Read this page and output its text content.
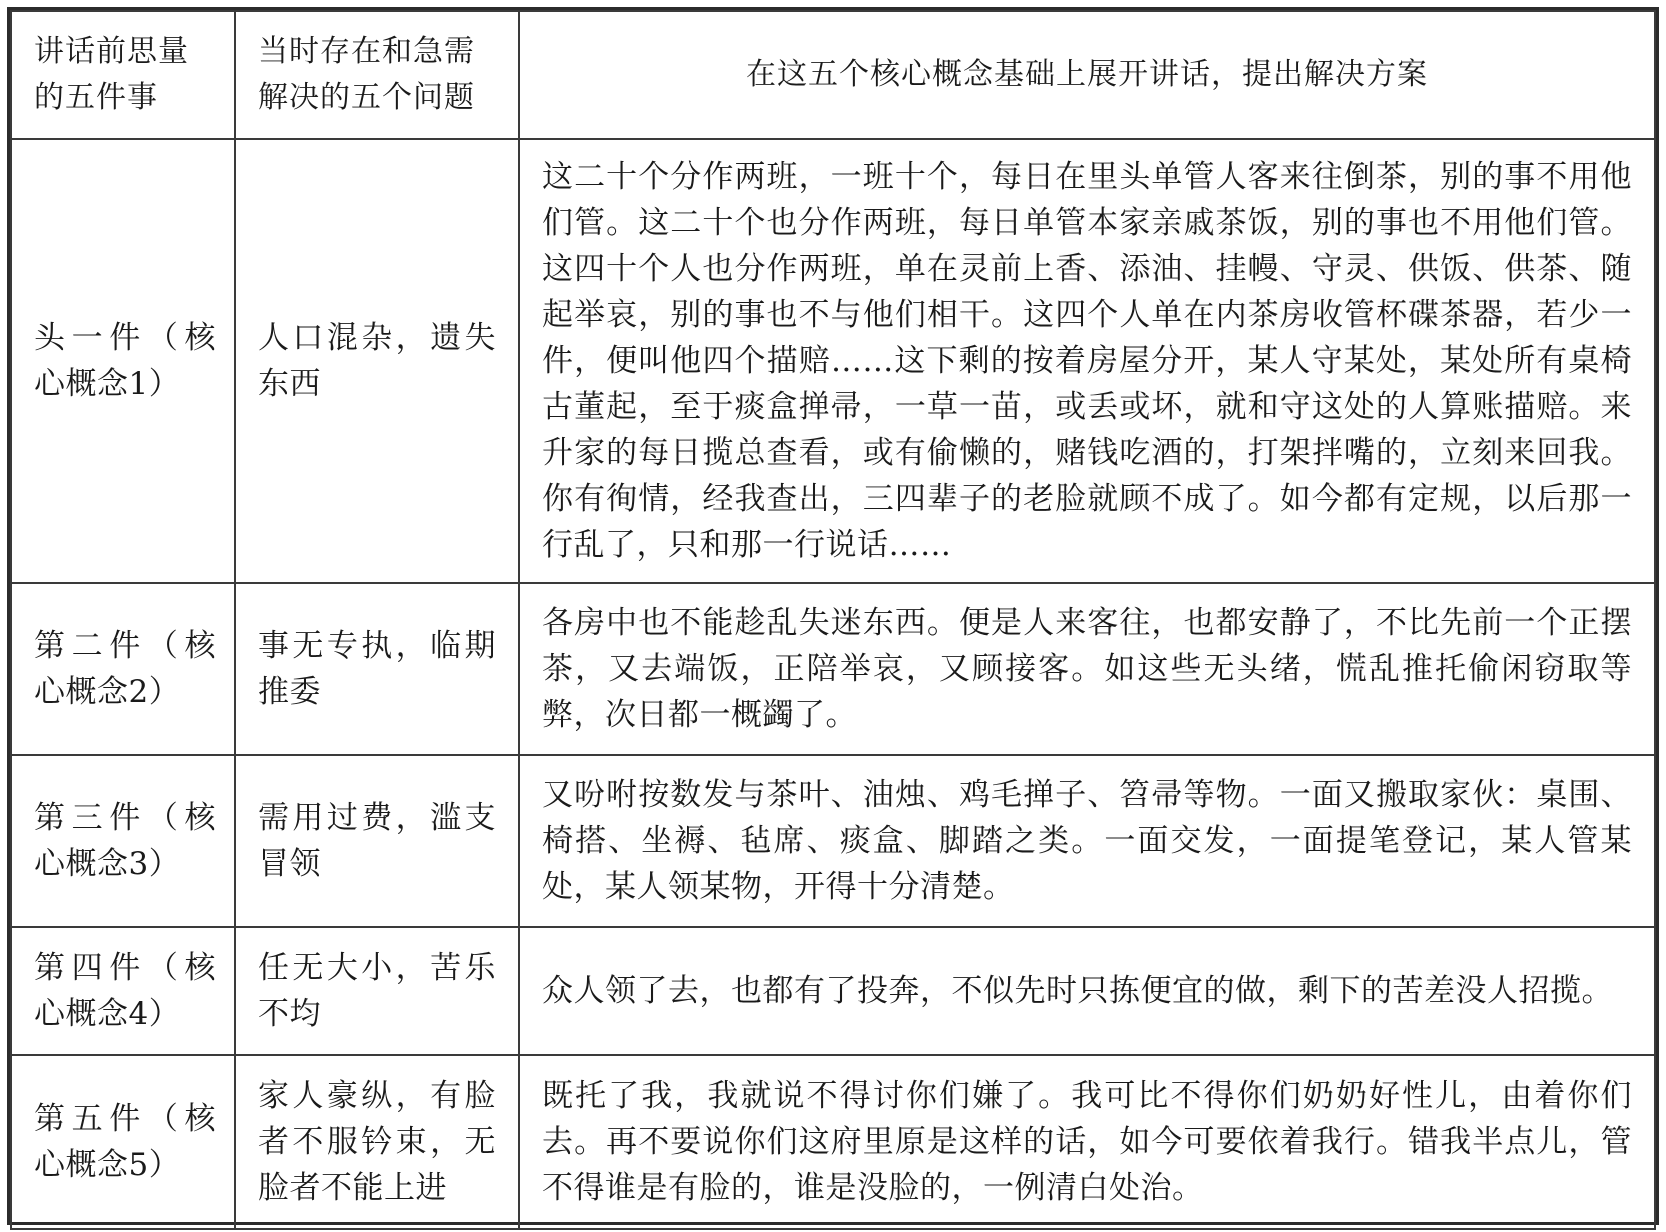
讲话前思量的五件事	当时存在和急需解决的五个问题	在这五个核心概念基础上展开讲话，提出解决方案
头一件（核心概念1）	人口混杂，遗失东西	这二十个分作两班，一班十个，每日在里头单管人客来往倒茶，别的事不用他们管。这二十个也分作两班，每日单管本家亲戚茶饭，别的事也不用他们管。这四十个人也分作两班，单在灵前上香、添油、挂幔、守灵、供饭、供茶、随起举哀，别的事也不与他们相干。这四个人单在内茶房收管杯碟茶器，若少一件，便叫他四个描赔……这下剩的按着房屋分开，某人守某处，某处所有桌椅古董起，至于痰盒掸帚，一草一苗，或丢或坏，就和守这处的人算账描赔。来升家的每日揽总查看，或有偷懒的，赌钱吃酒的，打架拌嘴的，立刻来回我。你有徇情，经我查出，三四辈子的老脸就顾不成了。如今都有定规，以后那一行乱了，只和那一行说话……
第二件（核心概念2）	事无专执，临期推委	各房中也不能趁乱失迷东西。便是人来客往，也都安静了，不比先前一个正摆茶，又去端饭，正陪举哀，又顾接客。如这些无头绪，慌乱推托偷闲窃取等弊，次日都一概蠲了。
第三件（核心概念3）	需用过费，滥支冒领	又吩咐按数发与茶叶、油烛、鸡毛掸子、笤帚等物。一面又搬取家伙：桌围、椅搭、坐褥、毡席、痰盒、脚踏之类。一面交发，一面提笔登记，某人管某处，某人领某物，开得十分清楚。
第四件（核心概念4）	任无大小，苦乐不均	众人领了去，也都有了投奔，不似先时只拣便宜的做，剩下的苦差没人招揽。
第五件（核心概念5）	家人豪纵，有脸者不服钤束，无脸者不能上进	既托了我，我就说不得讨你们嫌了。我可比不得你们奶奶好性儿，由着你们去。再不要说你们这府里原是这样的话，如今可要依着我行。错我半点儿，管不得谁是有脸的，谁是没脸的，一例清白处治。
